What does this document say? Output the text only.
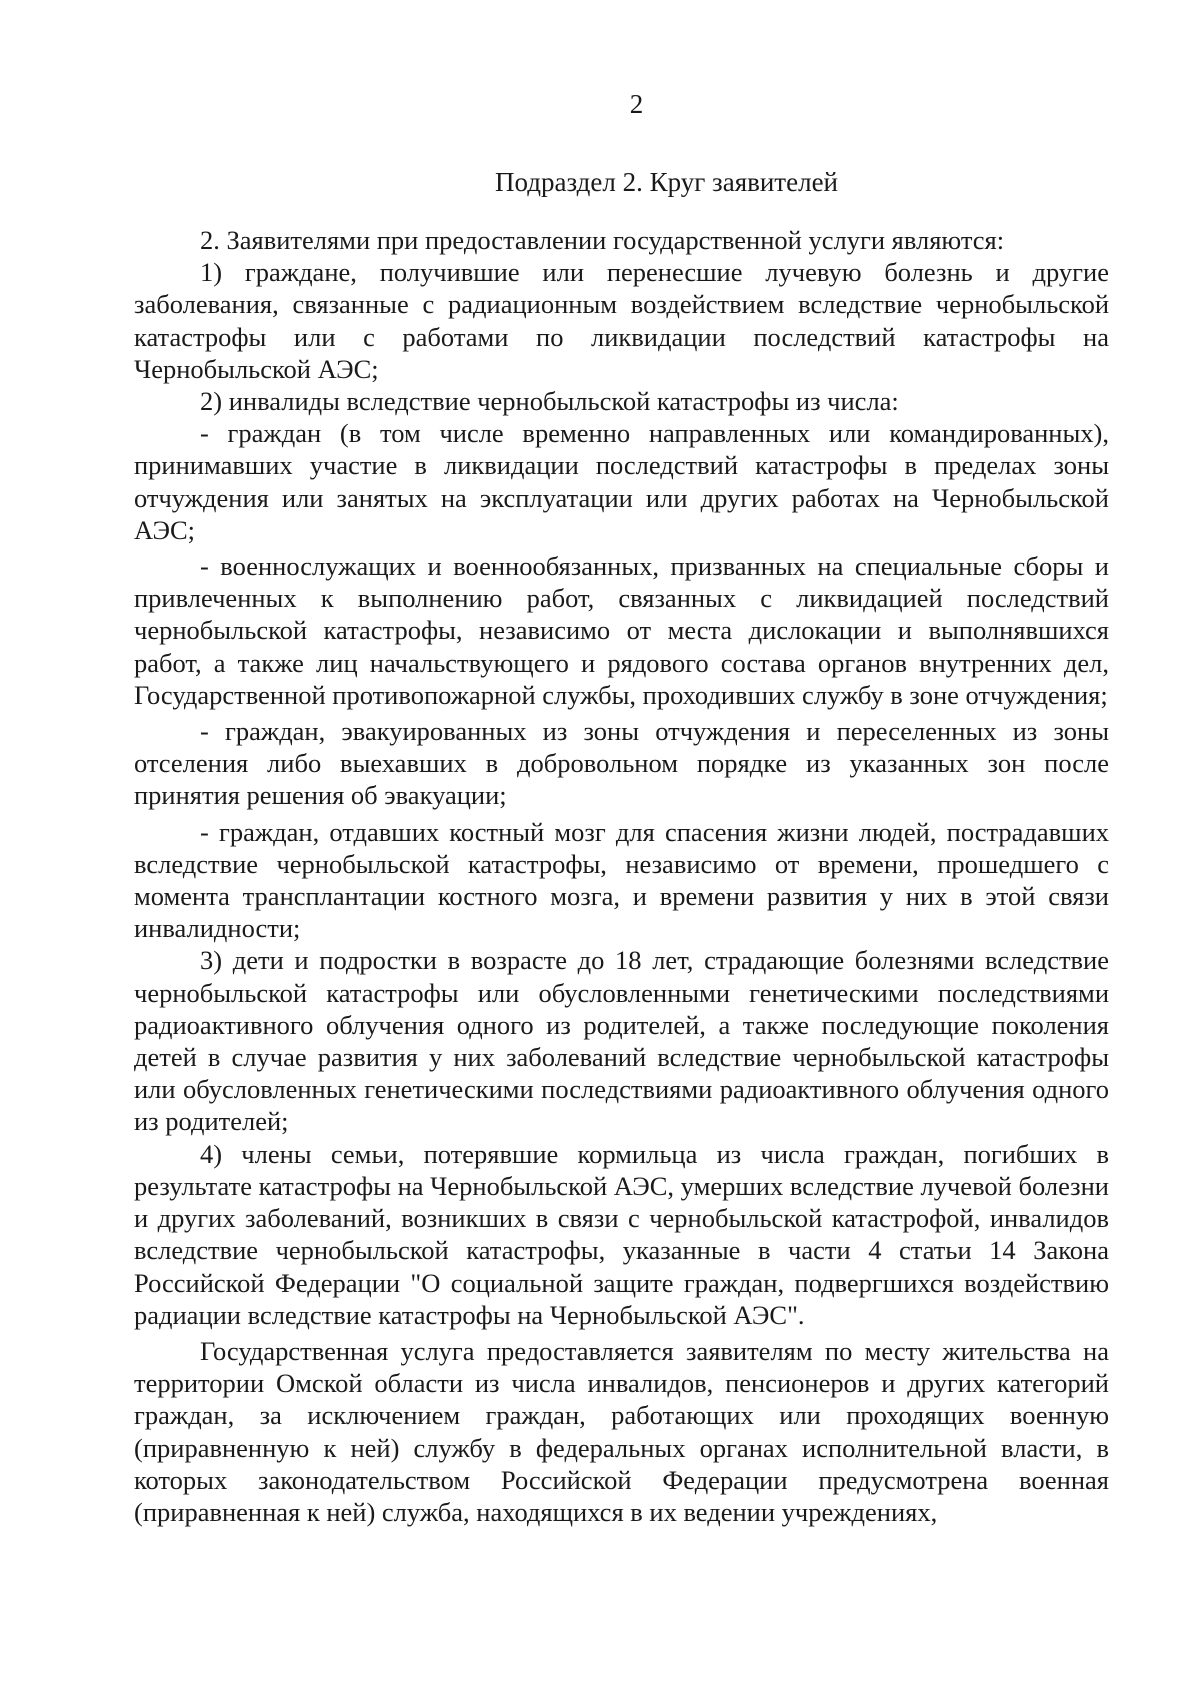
2
Подраздел 2. Круг заявителей

2. Заявителями при предоставлении государственной услуги являются:

1) граждане, получившие или перенесшие лучевую болезнь и другие заболевания, связанные с радиационным воздействием вследствие чернобыльской катастрофы или с работами по ликвидации последствий катастрофы на Чернобыльской АЭС;

2) инвалиды вследствие чернобыльской катастрофы из числа:

- граждан (в том числе временно направленных или командированных), принимавших участие в ликвидации последствий катастрофы в пределах зоны отчуждения или занятых на эксплуатации или других работах на Чернобыльской АЭС;

- военнослужащих и военнообязанных, призванных на специальные сборы и привлеченных к выполнению работ, связанных с ликвидацией последствий чернобыльской катастрофы, независимо от места дислокации и выполнявшихся работ, а также лиц начальствующего и рядового состава органов внутренних дел, Государственной противопожарной службы, проходивших службу в зоне отчуждения;

- граждан, эвакуированных из зоны отчуждения и переселенных из зоны отселения либо выехавших в добровольном порядке из указанных зон после принятия решения об эвакуации;

- граждан, отдавших костный мозг для спасения жизни людей, пострадавших вследствие чернобыльской катастрофы, независимо от времени, прошедшего с момента трансплантации костного мозга, и времени развития у них в этой связи инвалидности;

3) дети и подростки в возрасте до 18 лет, страдающие болезнями вследствие чернобыльской катастрофы или обусловленными генетическими последствиями радиоактивного облучения одного из родителей, а также последующие поколения детей в случае развития у них заболеваний вследствие чернобыльской катастрофы или обусловленных генетическими последствиями радиоактивного облучения одного из родителей;

4) члены семьи, потерявшие кормильца из числа граждан, погибших в результате катастрофы на Чернобыльской АЭС, умерших вследствие лучевой болезни и других заболеваний, возникших в связи с чернобыльской катастрофой, инвалидов вследствие чернобыльской катастрофы, указанные в части 4 статьи 14 Закона Российской Федерации "О социальной защите граждан, подвергшихся воздействию радиации вследствие катастрофы на Чернобыльской АЭС".

Государственная услуга предоставляется заявителям по месту жительства на территории Омской области из числа инвалидов, пенсионеров и других категорий граждан, за исключением граждан, работающих или проходящих военную (приравненную к ней) службу в федеральных органах исполнительной власти, в которых законодательством Российской Федерации предусмотрена военная (приравненная к ней) служба, находящихся в их ведении учреждениях,
